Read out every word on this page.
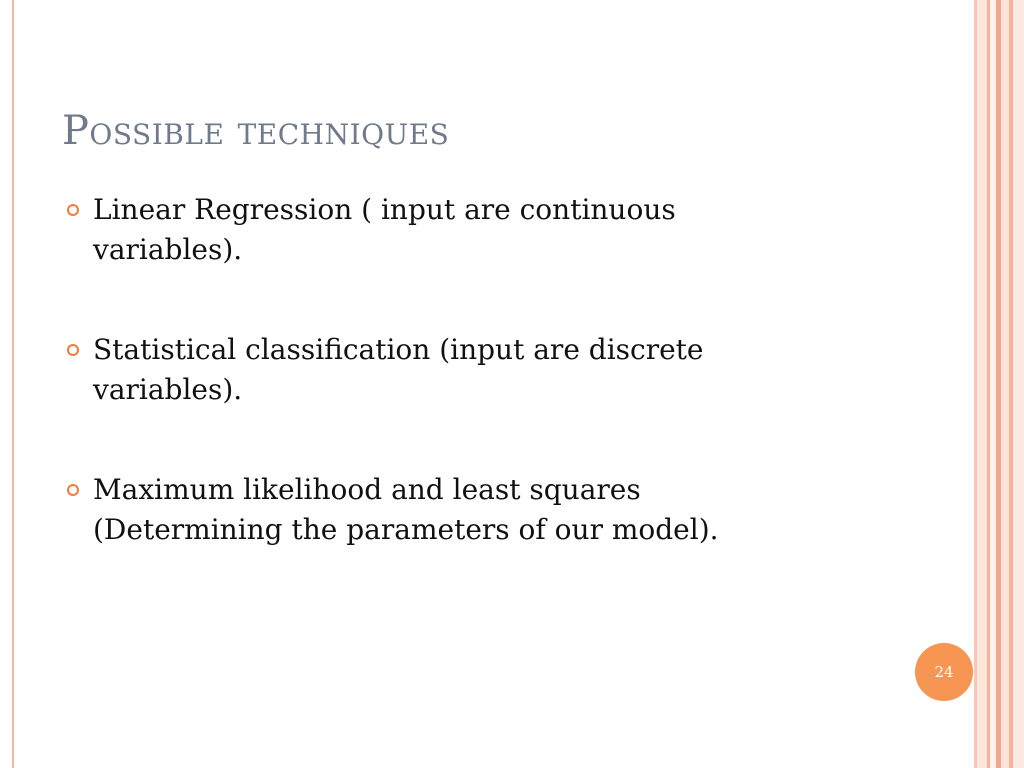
Possible techniques
Linear Regression ( input are continuous variables).
Statistical classification (input are discrete variables).
Maximum likelihood and least squares (Determining the parameters of our model).
24
